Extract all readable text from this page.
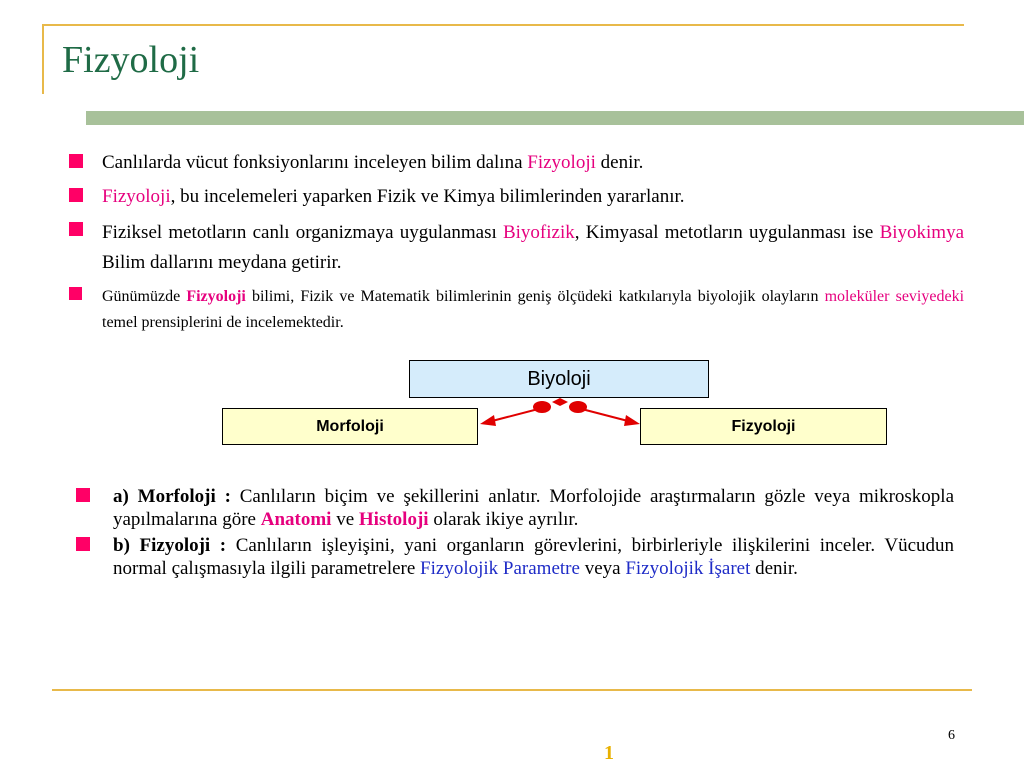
Fizyoloji
Canlılarda vücut fonksiyonlarını inceleyen bilim dalına Fizyoloji denir.
Fizyoloji, bu incelemeleri yaparken Fizik ve Kimya bilimlerinden yararlanır.
Fiziksel metotların canlı organizmaya uygulanması Biyofizik, Kimyasal metotların uygulanması ise Biyokimya Bilim dallarını meydana getirir.
Günümüzde Fizyoloji bilimi, Fizik ve Matematik bilimlerinin geniş ölçüdeki katkılarıyla biyolojik olayların moleküler seviyedeki temel prensiplerini de incelemektedir.
Biyoloji
Morfoloji	Fizyoloji
a) Morfoloji : Canlıların biçim ve şekillerini anlatır. Morfolojide araştırmaların gözle veya mikroskopla yapılmalarına göre Anatomi ve Histoloji olarak ikiye ayrılır.
b) Fizyoloji : Canlıların işleyişini, yani organların görevlerini, birbirleriyle ilişkilerini inceler. Vücudun normal çalışmasıyla ilgili parametrelere Fizyolojik Parametre veya Fizyolojik İşaret denir.
6
1
